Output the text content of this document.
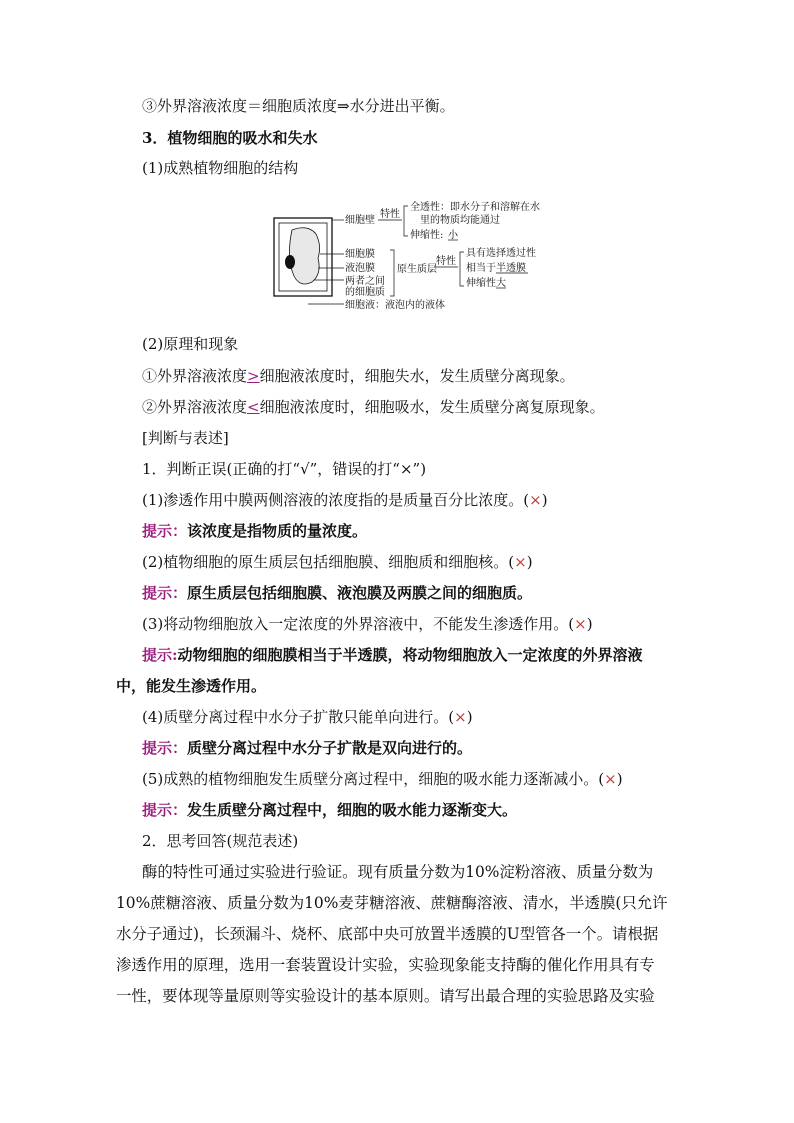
③外界溶液浓度＝细胞质浓度⇒水分进出平衡。
3．植物细胞的吸水和失水
(1)成熟植物细胞的结构
细胞壁
特性
全透性：即水分子和溶解在水
里的物质均能通过
伸缩性: 小
细胞膜
液泡膜
两者之间
的细胞质
原生质层
特性
具有选择透过性
相当于 半透膜
伸缩性 大
细胞液：液泡内的液体
(2)原理和现象
①外界溶液浓度>细胞液浓度时，细胞失水，发生质壁分离现象。
②外界溶液浓度<细胞液浓度时，细胞吸水，发生质壁分离复原现象。
[判断与表述]
1．判断正误(正确的打“√”，错误的打“×”)
(1)渗透作用中膜两侧溶液的浓度指的是质量百分比浓度。(×)
提示：该浓度是指物质的量浓度。
(2)植物细胞的原生质层包括细胞膜、细胞质和细胞核。(×)
提示：原生质层包括细胞膜、液泡膜及两膜之间的细胞质。
(3)将动物细胞放入一定浓度的外界溶液中，不能发生渗透作用。(×)
提示:动物细胞的细胞膜相当于半透膜，将动物细胞放入一定浓度的外界溶液
中，能发生渗透作用。
(4)质壁分离过程中水分子扩散只能单向进行。(×)
提示：质壁分离过程中水分子扩散是双向进行的。
(5)成熟的植物细胞发生质壁分离过程中，细胞的吸水能力逐渐减小。(×)
提示：发生质壁分离过程中，细胞的吸水能力逐渐变大。
2．思考回答(规范表述)
酶的特性可通过实验进行验证。现有质量分数为10%淀粉溶液、质量分数为
10%蔗糖溶液、质量分数为10%麦芽糖溶液、蔗糖酶溶液、清水，半透膜(只允许
水分子通过)，长颈漏斗、烧杯、底部中央可放置半透膜的U型管各一个。请根据
渗透作用的原理，选用一套装置设计实验，实验现象能支持酶的催化作用具有专
一性，要体现等量原则等实验设计的基本原则。请写出最合理的实验思路及实验
